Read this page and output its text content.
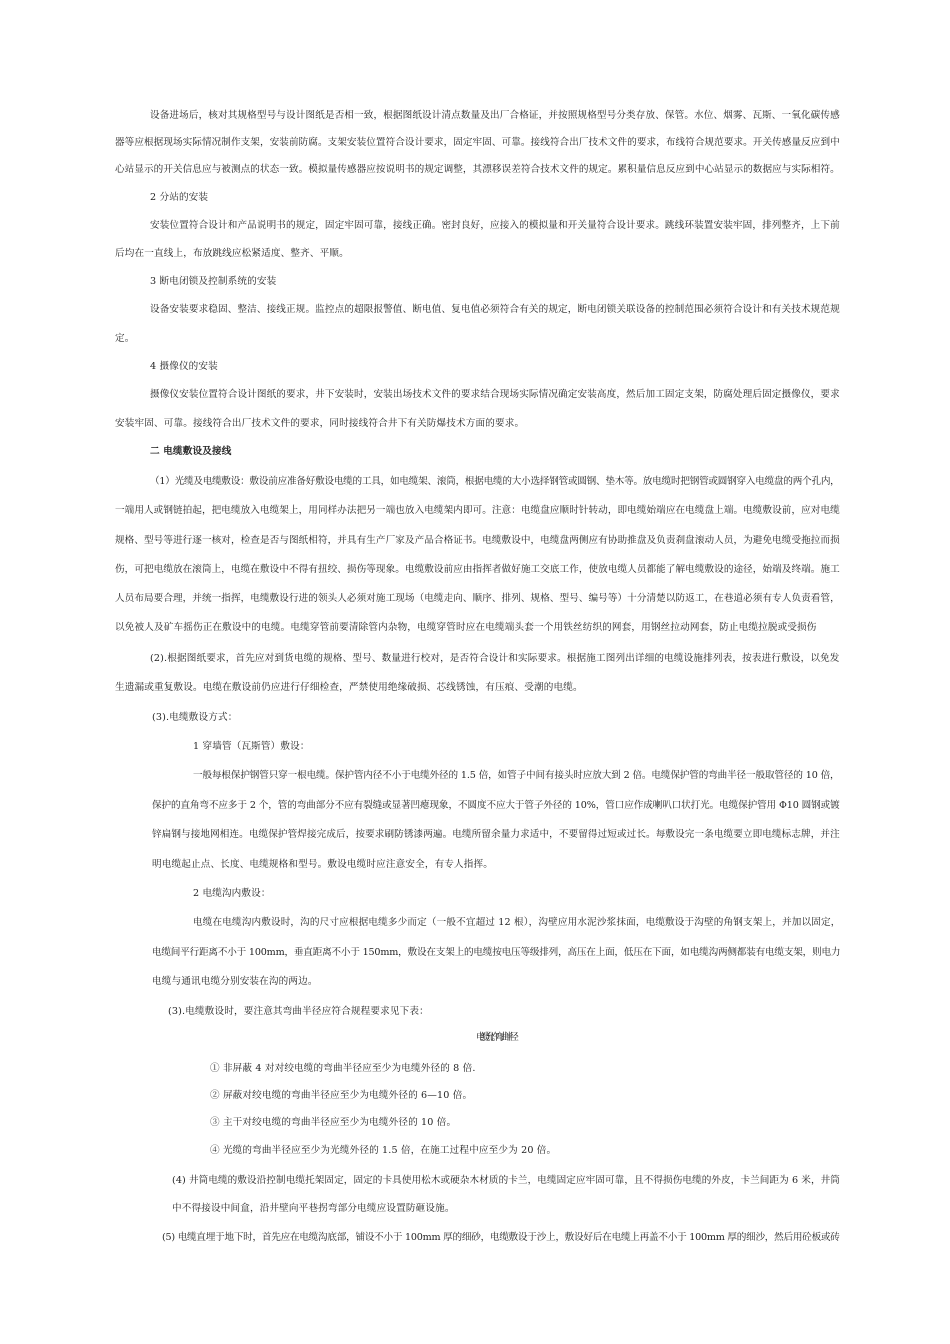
设备进场后，核对其规格型号与设计图纸是否相一致，根据图纸设计清点数量及出厂合格证，并按照规格型号分类存放、保管。水位、烟雾、瓦斯、一氧化碳传感
器等应根据现场实际情况制作支架，安装前防腐。支架安装位置符合设计要求，固定牢固、可靠。接线符合出厂技术文件的要求，布线符合规范要求。开关传感量反应到中
心站显示的开关信息应与被测点的状态一致。模拟量传感器应按说明书的规定调整，其漂移误差符合技术文件的规定。累积量信息反应到中心站显示的数据应与实际相符。
2 分站的安装
安装位置符合设计和产品说明书的规定，固定牢固可靠，接线正确。密封良好，应接入的模拟量和开关量符合设计要求。跳线环装置安装牢固，排列整齐，上下前
后均在一直线上，布放跳线应松紧适度、整齐、平顺。
3 断电闭锁及控制系统的安装
设备安装要求稳固、整洁、接线正规。监控点的超限报警值、断电值、复电值必须符合有关的规定，断电闭锁关联设备的控制范围必须符合设计和有关技术规范规
定。
4 摄像仪的安装
摄像仪安装位置符合设计图纸的要求，井下安装时，安装出场技术文件的要求结合现场实际情况确定安装高度，然后加工固定支架，防腐处理后固定摄像仪，要求
安装牢固、可靠。接线符合出厂技术文件的要求，同时接线符合井下有关防爆技术方面的要求。
二 电缆敷设及接线
（1）光缆及电缆敷设：敷设前应准备好敷设电缆的工具，如电缆架、滚筒，根据电缆的大小选择钢管或圆钢、垫木等。放电缆时把钢管或圆钢穿入电缆盘的两个孔内，
一端用人或钢链拍起，把电缆放入电缆架上，用同样办法把另一端也放入电缆架内即可。注意：电缆盘应顺时针转动，即电缆始端应在电缆盘上端。电缆敷设前，应对电缆
规格、型号等进行逐一核对，检查是否与图纸相符，并具有生产厂家及产品合格证书。电缆敷设中，电缆盘两侧应有协助推盘及负责刹盘滚动人员，为避免电缆受拖拉而损
伤，可把电缆放在滚筒上，电缆在敷设中不得有扭绞、损伤等现象。电缆敷设前应由指挥者做好施工交底工作，使放电缆人员都能了解电缆敷设的途径，始端及终端。施工
人员布局要合理，并统一指挥，电缆敷设行进的领头人必须对施工现场（电缆走向、顺序、排列、规格、型号、编号等）十分清楚以防返工，在巷道必须有专人负责看管，
以免被人及矿车摇伤正在敷设中的电缆。电缆穿管前要清除管内杂物，电缆穿管时应在电缆端头套一个用铁丝纺织的网套，用钢丝拉动网套，防止电缆拉脱或受损伤
(2).根据图纸要求，首先应对到货电缆的规格、型号、数量进行校对，是否符合设计和实际要求。根据施工图列出详细的电缆设施排列表，按表进行敷设，以免发
生遗漏或重复敷设。电缆在敷设前仍应进行仔细检查，严禁使用绝缘破损、芯线锈蚀，有压痕、受潮的电缆。
(3).电缆敷设方式：
1 穿墙管（瓦斯管）敷设：
一般每根保护钢管只穿一根电缆。保护管内径不小于电缆外径的 1.5 倍，如管子中间有接头时应放大到 2 倍。电缆保护管的弯曲半径一般取管径的 10 倍，
保护的直角弯不应多于 2 个，管的弯曲部分不应有裂缝或显著凹瘪现象，不圆度不应大于管子外径的 10%，管口应作成喇叭口状打光。电缆保护管用 Φ10 圆钢或镀
锌扁钢与接地网相连。电缆保护管焊接完成后，按要求刷防锈漆两遍。电缆所留余量力求适中，不要留得过短或过长。每敷设完一条电缆要立即电缆标志牌，并注
明电缆起止点、长度、电缆规格和型号。敷设电缆时应注意安全，有专人指挥。
2 电缆沟内敷设：
电缆在电缆沟内敷设时，沟的尺寸应根据电缆多少而定（一般不宜超过 12 根），沟壁应用水泥沙浆抹面，电缆敷设于沟壁的角钢支架上，并加以固定，
电缆间平行距离不小于 100mm，垂直距离不小于 150mm，敷设在支架上的电缆按电压等级排列，高压在上面，低压在下面，如电缆沟两侧都装有电缆支架，则电力
电缆与通讯电缆分别安装在沟的两边。
(3).电缆敷设时，要注意其弯曲半径应符合规程要求见下表：
电缆允许弯曲半径
① 非屏蔽 4 对对绞电缆的弯曲半径应至少为电缆外径的 8 倍.
② 屏蔽对绞电缆的弯曲半径应至少为电缆外径的 6—10 倍。
③ 主干对绞电缆的弯曲半径应至少为电缆外径的 10 倍。
④ 光缆的弯曲半径应至少为光缆外径的 1.5 倍，在施工过程中应至少为 20 倍。
(4) 井筒电缆的敷设沿控制电缆托架固定，固定的卡具使用松木或硬杂木材质的卡兰，电缆固定应牢固可靠，且不得损伤电缆的外皮，卡兰间距为 6 米，井筒
中不得接设中间盒，沿井壁向平巷拐弯部分电缆应设置防砸设施。
(5) 电缆直埋于地下时，首先应在电缆沟底部，铺设不小于 100mm 厚的细砂，电缆敷设于沙上，敷设好后在电缆上再盖不小于 100mm 厚的细沙，然后用砼板或砖
